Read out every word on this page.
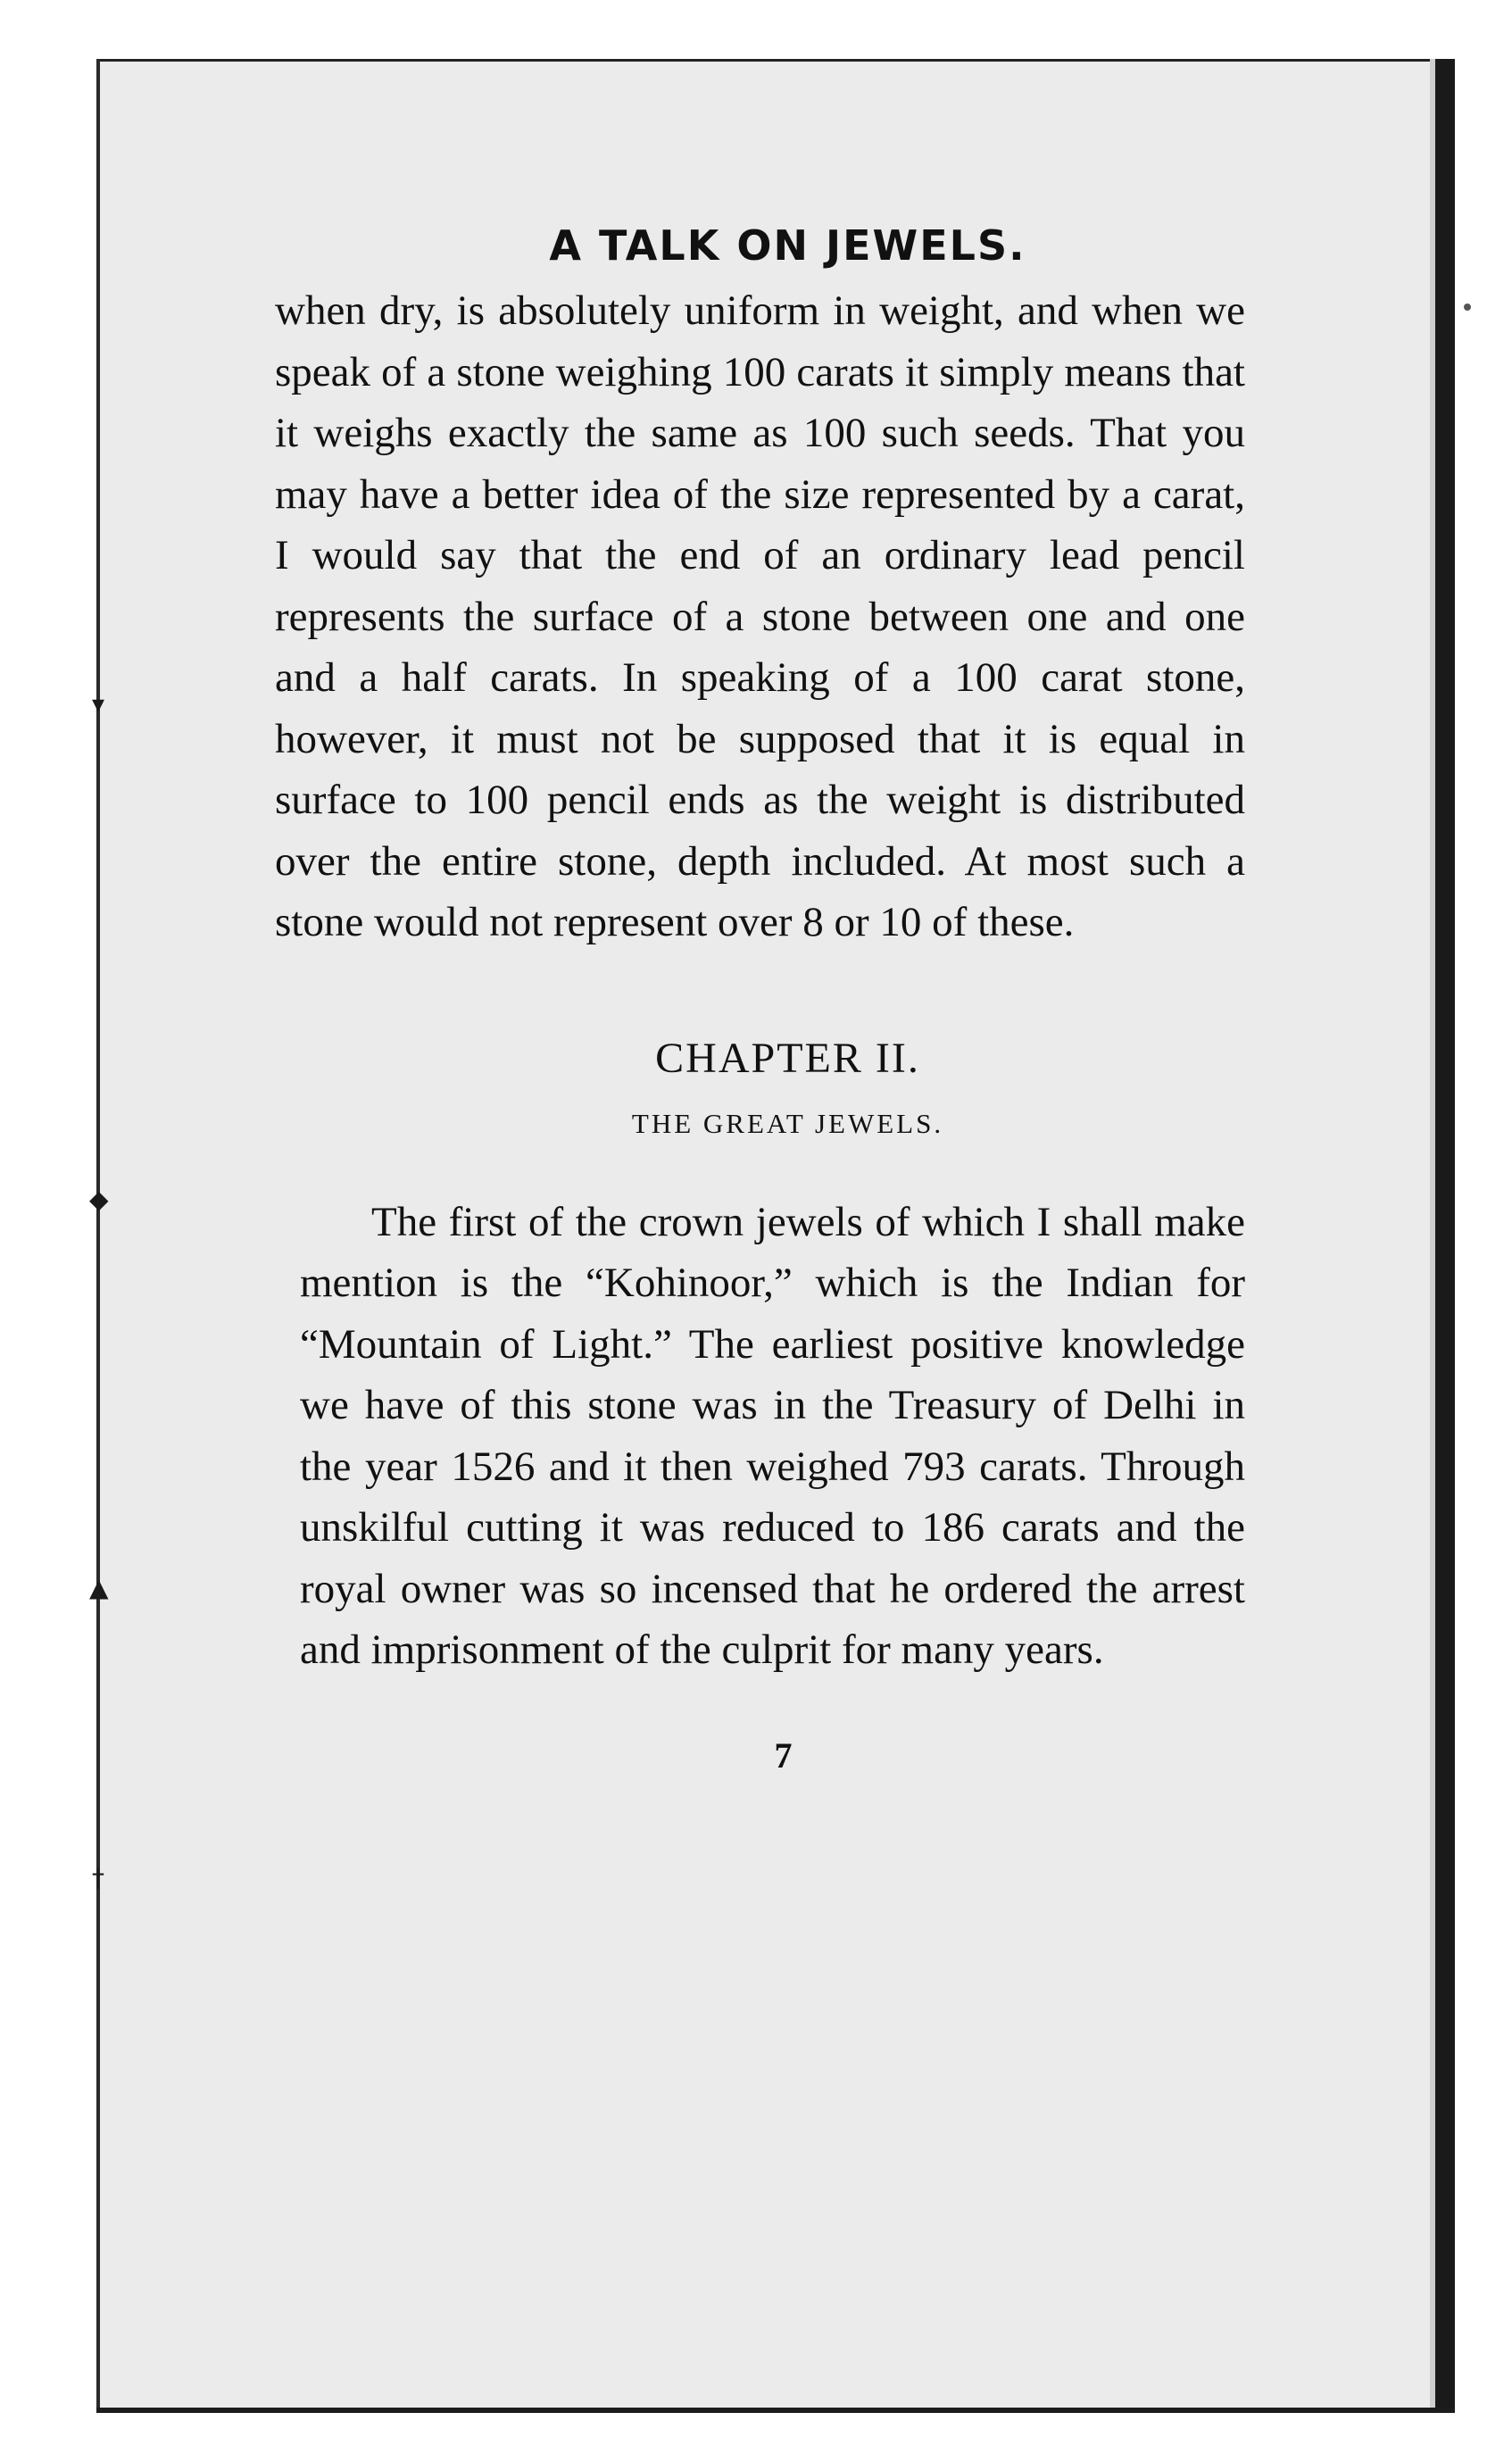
▾
◆
▲
†
A TALK ON JEWELS.

when dry, is absolutely uniform in weight, and when we speak of a stone weighing 100 carats it simply means that it weighs exactly the same as 100 such seeds. That you may have a better idea of the size represented by a carat, I would say that the end of an ordinary lead pencil represents the surface of a stone between one and one and a half carats. In speaking of a 100 carat stone, however, it must not be supposed that it is equal in surface to 100 pencil ends as the weight is distributed over the entire stone, depth included. At most such a stone would not represent over 8 or 10 of these.

CHAPTER II.
THE GREAT JEWELS.

The first of the crown jewels of which I shall make mention is the “Kohinoor,” which is the Indian for “Mountain of Light.” The earliest positive knowledge we have of this stone was in the Treasury of Delhi in the year 1526 and it then weighed 793 carats. Through unskilful cutting it was reduced to 186 carats and the royal owner was so incensed that he ordered the arrest and imprisonment of the culprit for many years.

7
